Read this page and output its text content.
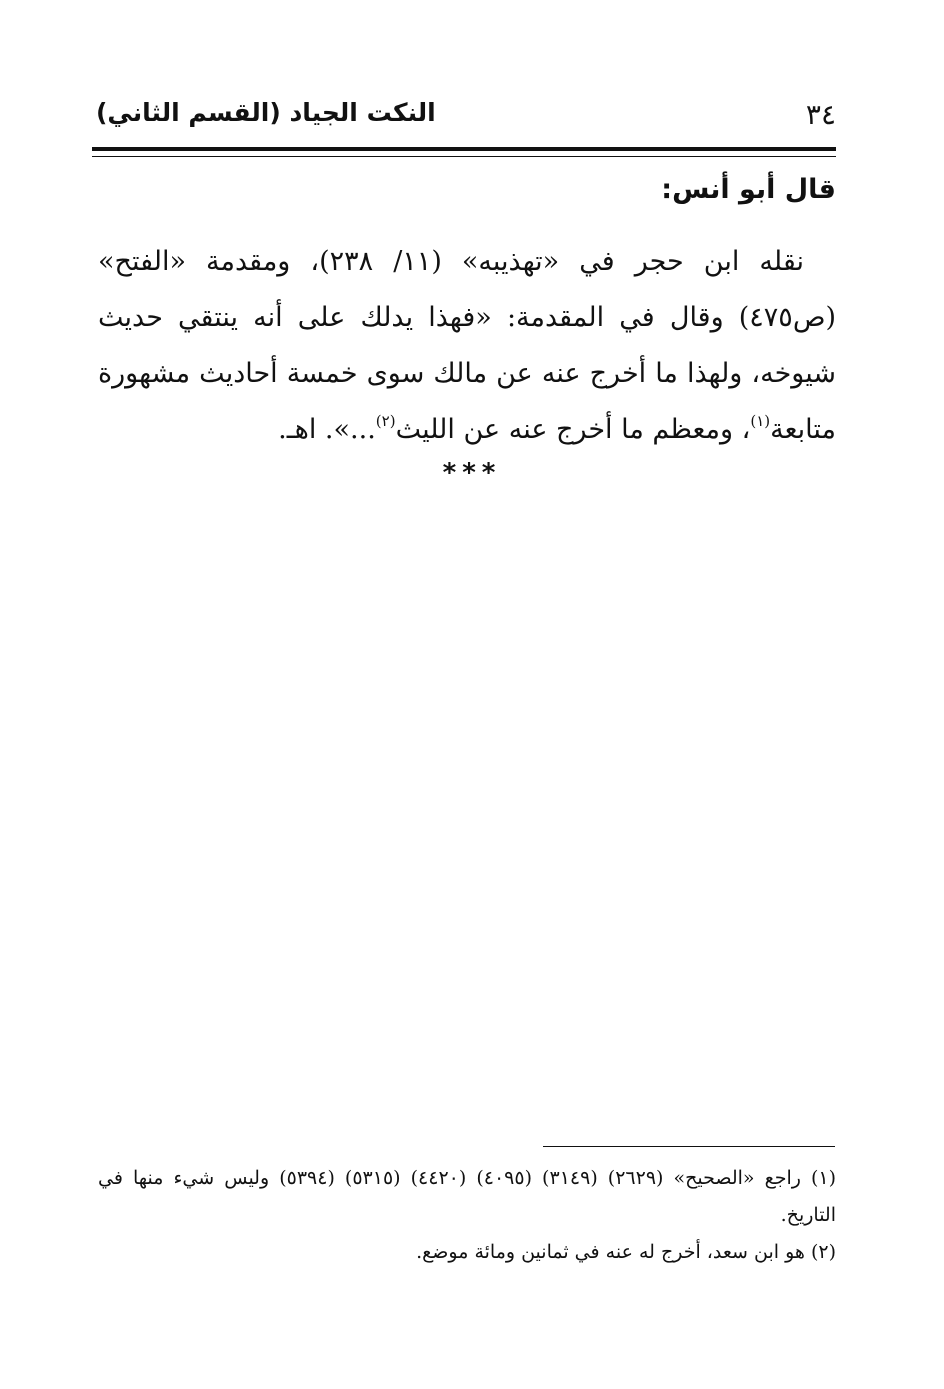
٣٤
النكت الجياد (القسم الثاني)
قال أبو أنس:

نقله ابن حجر في «تهذيبه» (١١/ ٢٣٨)، ومقدمة «الفتح» (ص٤٧٥) وقال في المقدمة: «فهذا يدلك على أنه ينتقي حديث شيوخه، ولهذا ما أخرج عنه عن مالك سوى خمسة أحاديث مشهورة متابعة$^{(١)}$، ومعظم ما أخرج عنه عن الليث$^{(٢)}$...». اهـ.

***

(١) راجع «الصحيح» (٢٦٢٩) (٣١٤٩) (٤٠٩٥) (٤٤٢٠) (٥٣١٥) (٥٣٩٤) وليس شيء منها في التاريخ.

(٢) هو ابن سعد، أخرج له عنه في ثمانين ومائة موضع.
